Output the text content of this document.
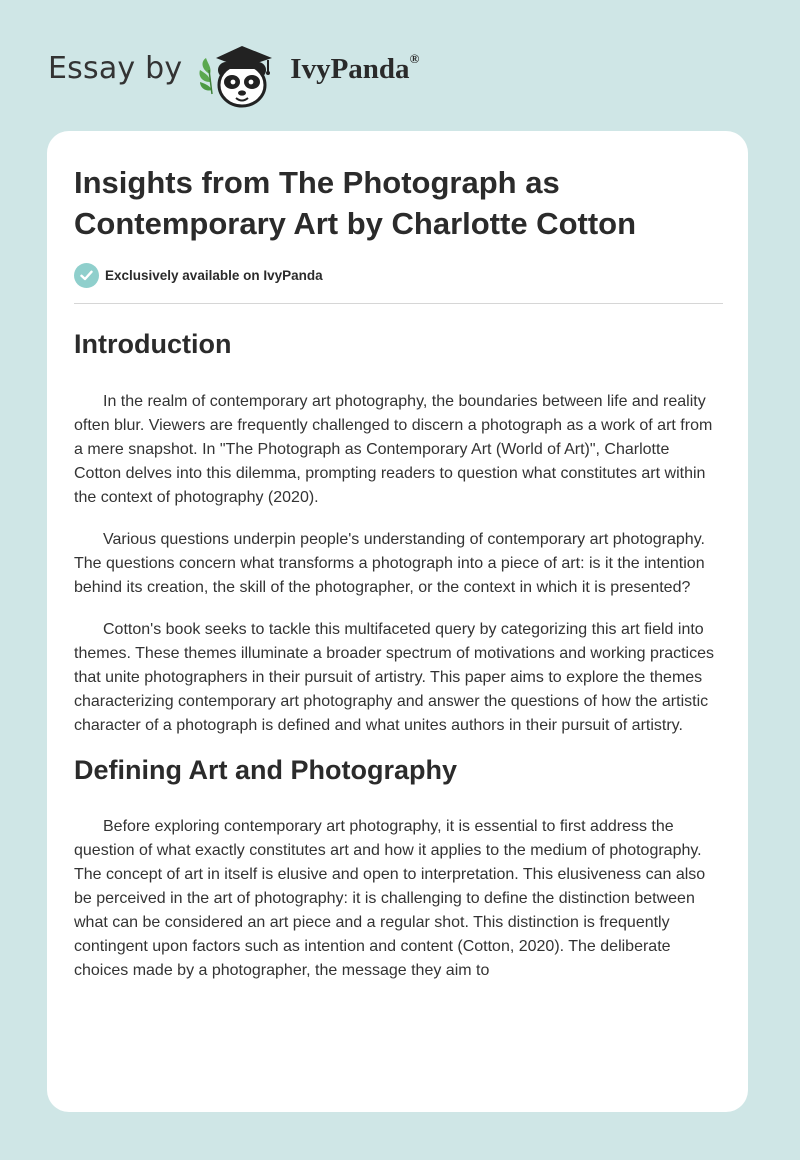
Essay by	IvyPanda®
Insights from The Photograph as Contemporary Art by Charlotte Cotton
Exclusively available on IvyPanda
Introduction

In the realm of contemporary art photography, the boundaries between life and reality often blur. Viewers are frequently challenged to discern a photograph as a work of art from a mere snapshot. In "The Photograph as Contemporary Art (World of Art)", Charlotte Cotton delves into this dilemma, prompting readers to question what constitutes art within the context of photography (2020).

Various questions underpin people's understanding of contemporary art photography. The questions concern what transforms a photograph into a piece of art: is it the intention behind its creation, the skill of the photographer, or the context in which it is presented?

Cotton's book seeks to tackle this multifaceted query by categorizing this art field into themes. These themes illuminate a broader spectrum of motivations and working practices that unite photographers in their pursuit of artistry. This paper aims to explore the themes characterizing contemporary art photography and answer the questions of how the artistic character of a photograph is defined and what unites authors in their pursuit of artistry.

Defining Art and Photography

Before exploring contemporary art photography, it is essential to first address the question of what exactly constitutes art and how it applies to the medium of photography. The concept of art in itself is elusive and open to interpretation. This elusiveness can also be perceived in the art of photography: it is challenging to define the distinction between what can be considered an art piece and a regular shot. This distinction is frequently contingent upon factors such as intention and content (Cotton, 2020). The deliberate choices made by a photographer, the message they aim to
